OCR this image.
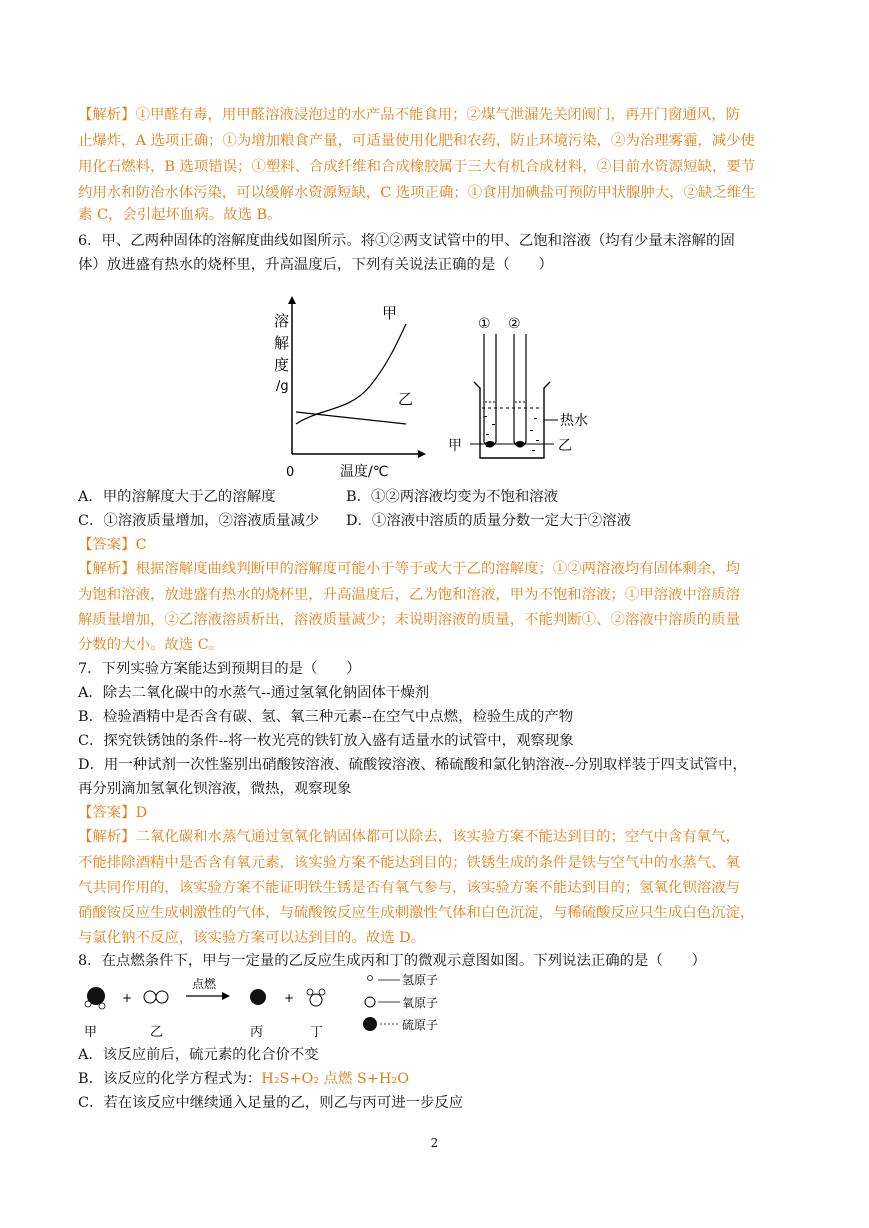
【解析】①甲醛有毒，用甲醛溶液浸泡过的水产品不能食用；②煤气泄漏先关闭阀门，再开门窗通风，防
止爆炸，A 选项正确；①为增加粮食产量，可适量使用化肥和农药，防止环境污染，②为治理雾霾，减少使
用化石燃料，B 选项错误；①塑料、合成纤维和合成橡胶属于三大有机合成材料，②目前水资源短缺，要节
约用水和防治水体污染，可以缓解水资源短缺，C 选项正确；①食用加碘盐可预防甲状腺肿大，②缺乏维生
素 C，会引起坏血病。故选 B。
6．甲、乙两种固体的溶解度曲线如图所示。将①②两支试管中的甲、乙饱和溶液（均有少量未溶解的固
体）放进盛有热水的烧杯里，升高温度后，下列有关说法正确的是（　　）
溶
解
度
/g
0	温度/℃
甲
乙
① ②
热水
甲	乙
A．甲的溶解度大于乙的溶解度	B．①②两溶液均变为不饱和溶液
C．①溶液质量增加，②溶液质量减少 D．①溶液中溶质的质量分数一定大于②溶液
【答案】C
【解析】根据溶解度曲线判断甲的溶解度可能小于等于或大于乙的溶解度；①②两溶液均有固体剩余，均
为饱和溶液，放进盛有热水的烧杯里，升高温度后，乙为饱和溶液，甲为不饱和溶液；①甲溶液中溶质溶
解质量增加，②乙溶液溶质析出，溶液质量减少；未说明溶液的质量，不能判断①、②溶液中溶质的质量
分数的大小。故选 C。
7．下列实验方案能达到预期目的是（　　）
A．除去二氧化碳中的水蒸气--通过氢氧化钠固体干燥剂
B．检验酒精中是否含有碳、氢、氧三种元素--在空气中点燃，检验生成的产物
C．探究铁锈蚀的条件--将一枚光亮的铁钉放入盛有适量水的试管中，观察现象
D．用一种试剂一次性鉴别出硝酸铵溶液、硫酸铵溶液、稀硫酸和氯化钠溶液--分别取样装于四支试管中，
再分别滴加氢氧化钡溶液，微热，观察现象
【答案】D
【解析】二氧化碳和水蒸气通过氢氧化钠固体都可以除去，该实验方案不能达到目的；空气中含有氧气，
不能排除酒精中是否含有氧元素，该实验方案不能达到目的；铁锈生成的条件是铁与空气中的水蒸气、氧
气共同作用的，该实验方案不能证明铁生锈是否有氧气参与，该实验方案不能达到目的；氢氧化钡溶液与
硝酸铵反应生成刺激性的气体，与硫酸铵反应生成刺激性气体和白色沉淀，与稀硫酸反应只生成白色沉淀，
与氯化钠不反应，该实验方案可以达到目的。故选 D。
8．在点燃条件下，甲与一定量的乙反应生成丙和丁的微观示意图如图。下列说法正确的是（　　）
+
点燃
+
甲	乙	丙	丁
氢原子
氧原子
硫原子
A．该反应前后，硫元素的化合价不变
B．该反应的化学方程式为：H₂S+O₂ 点燃 S+H₂O
C．若在该反应中继续通入足量的乙，则乙与丙可进一步反应
2
